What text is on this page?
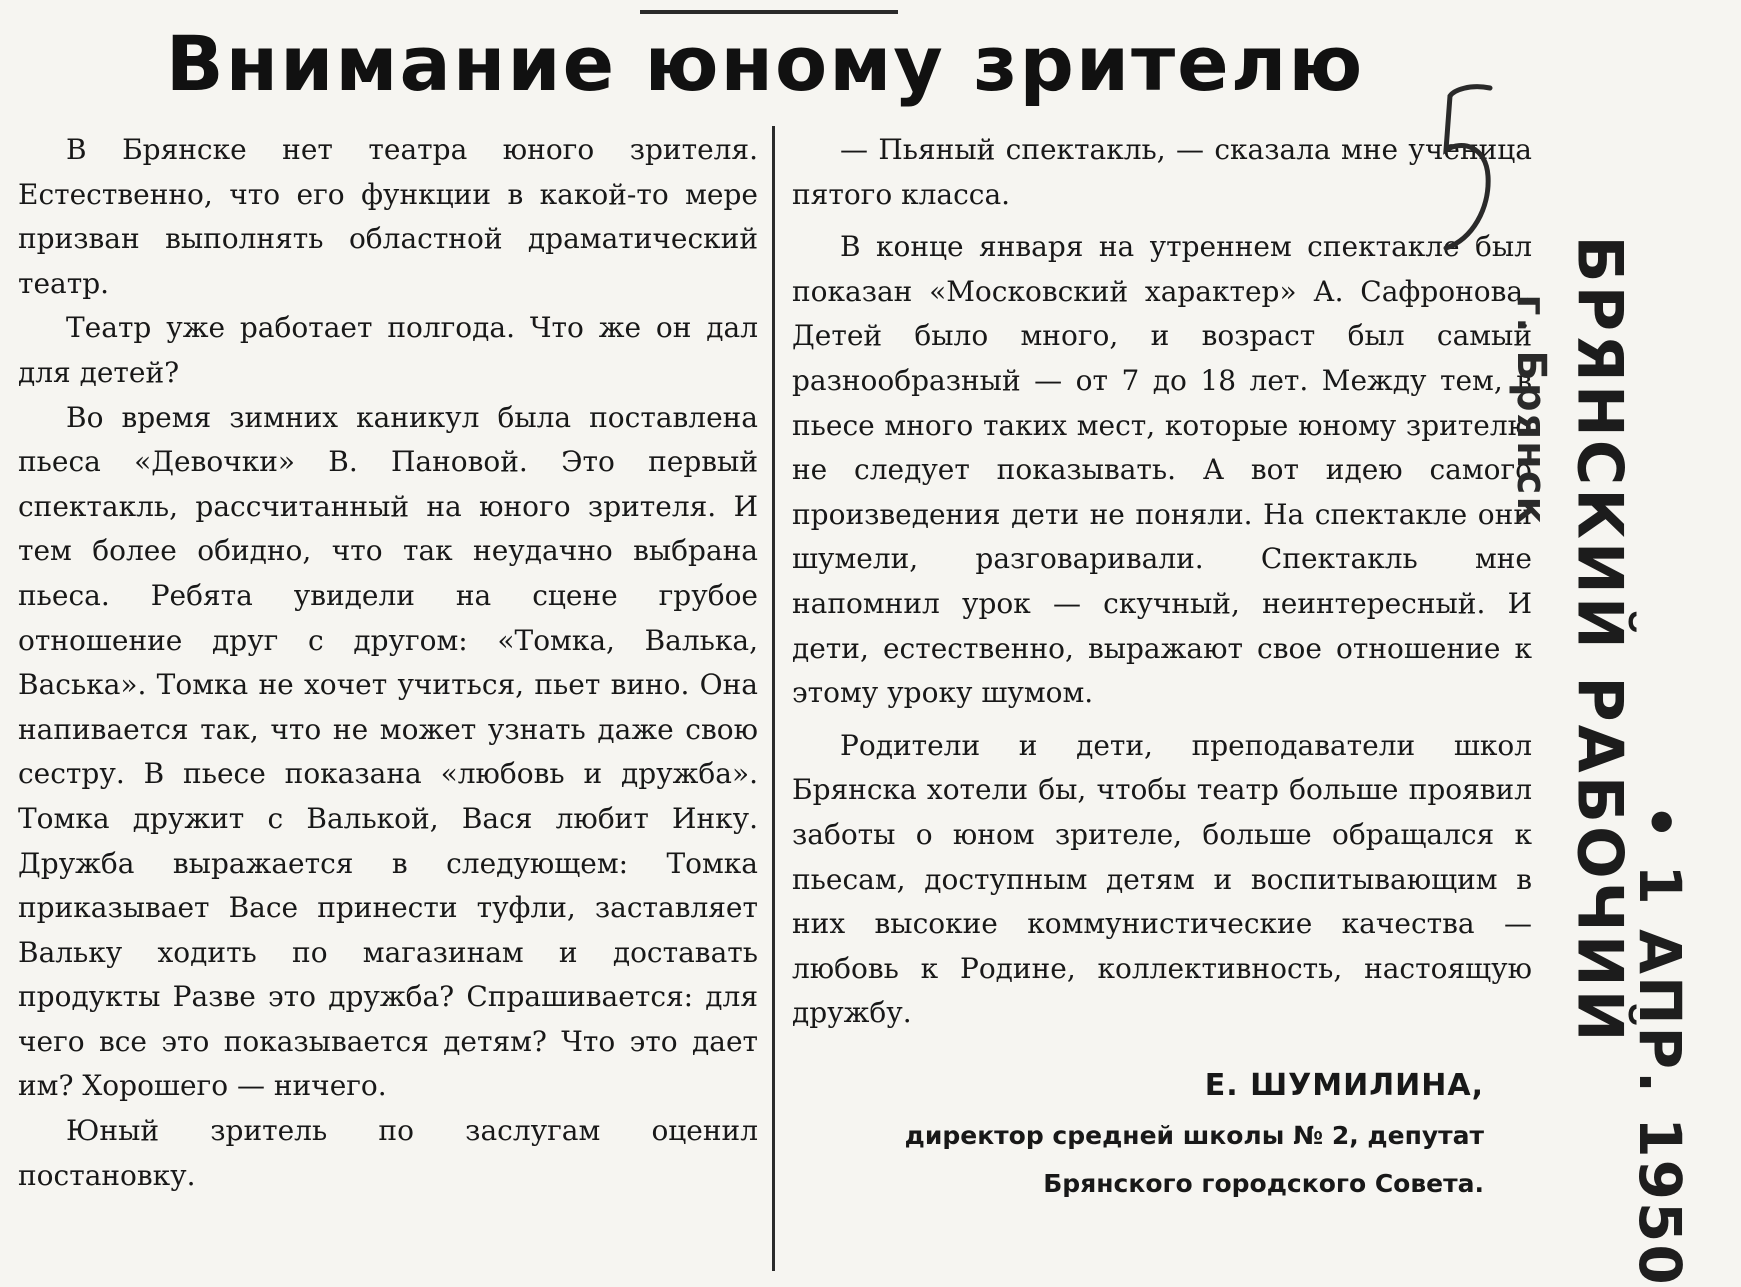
Внимание юному зрителю

В Брянске нет театра юного зрителя. Естественно, что его функции в какой-то мере призван выполнять областной драматический театр.

Театр уже работает полгода. Что же он дал для детей?

Во время зимних каникул была поставлена пьеса «Девочки» В. Пановой. Это первый спектакль, рассчитанный на юного зрителя. И тем более обидно, что так неудачно выбрана пьеса. Ребята увидели на сцене грубое отношение друг с другом: «Томка, Валька, Васька». Томка не хочет учиться, пьет вино. Она напивается так, что не может узнать даже свою сестру. В пьесе показана «любовь и дружба». Томка дружит с Валькой, Вася любит Инку. Дружба выражается в следующем: Томка приказывает Васе принести туфли, заставляет Вальку ходить по магазинам и доставать продукты Разве это дружба? Спрашивается: для чего все это показывается детям? Что это дает им? Хорошего — ничего.

Юный зритель по заслугам оценил постановку.

— Пьяный спектакль, — сказала мне ученица пятого класса.

В конце января на утреннем спектакле был показан «Московский характер» А. Сафронова. Детей было много, и возраст был самый разнообразный — от 7 до 18 лет. Между тем, в пьесе много таких мест, которые юному зрителю не следует показывать. А вот идею самого произведения дети не поняли. На спектакле они шумели, разговаривали. Спектакль мне напомнил урок — скучный, неинтересный. И дети, естественно, выражают свое отношение к этому уроку шумом.

Родители и дети, преподаватели школ Брянска хотели бы, чтобы театр больше проявил заботы о юном зрителе, больше обращался к пьесам, доступным детям и воспитывающим в них высокие коммунистические качества — любовь к Родине, коллективность, настоящую дружбу.

Е. ШУМИЛИНА,
директор средней школы № 2, депутат
Брянского городского Совета.
г. Брянск БРЯНСКИЙ РАБОЧИЙ
• 1 АПР. 1950
